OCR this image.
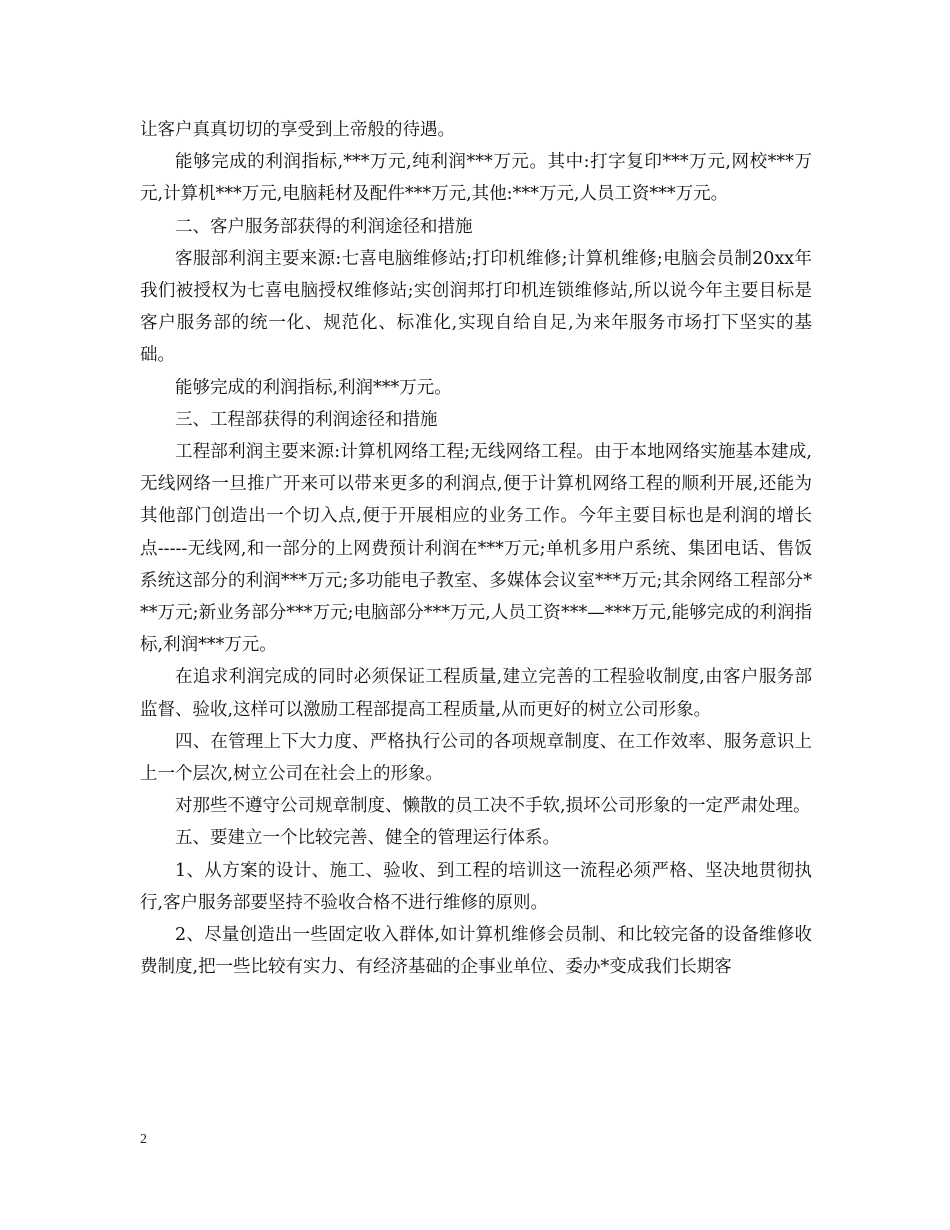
让客户真真切切的享受到上帝般的待遇。

能够完成的利润指标,***万元,纯利润***万元。其中:打字复印***万元,网校***万元,计算机***万元,电脑耗材及配件***万元,其他:***万元,人员工资***万元。

二、客户服务部获得的利润途径和措施

客服部利润主要来源:七喜电脑维修站;打印机维修;计算机维修;电脑会员制20xx年我们被授权为七喜电脑授权维修站;实创润邦打印机连锁维修站,所以说今年主要目标是客户服务部的统一化、规范化、标准化,实现自给自足,为来年服务市场打下坚实的基础。

能够完成的利润指标,利润***万元。

三、工程部获得的利润途径和措施

工程部利润主要来源:计算机网络工程;无线网络工程。由于本地网络实施基本建成,无线网络一旦推广开来可以带来更多的利润点,便于计算机网络工程的顺利开展,还能为其他部门创造出一个切入点,便于开展相应的业务工作。今年主要目标也是利润的增长点-----无线网,和一部分的上网费预计利润在***万元;单机多用户系统、集团电话、售饭系统这部分的利润***万元;多功能电子教室、多媒体会议室***万元;其余网络工程部分***万元;新业务部分***万元;电脑部分***万元,人员工资***—***万元,能够完成的利润指标,利润***万元。

在追求利润完成的同时必须保证工程质量,建立完善的工程验收制度,由客户服务部监督、验收,这样可以激励工程部提高工程质量,从而更好的树立公司形象。

四、在管理上下大力度、严格执行公司的各项规章制度、在工作效率、服务意识上上一个层次,树立公司在社会上的形象。

对那些不遵守公司规章制度、懒散的员工决不手软,损坏公司形象的一定严肃处理。

五、要建立一个比较完善、健全的管理运行体系。

1、从方案的设计、施工、验收、到工程的培训这一流程必须严格、坚决地贯彻执行,客户服务部要坚持不验收合格不进行维修的原则。

2、尽量创造出一些固定收入群体,如计算机维修会员制、和比较完备的设备维修收费制度,把一些比较有实力、有经济基础的企事业单位、委办*变成我们长期客

2
